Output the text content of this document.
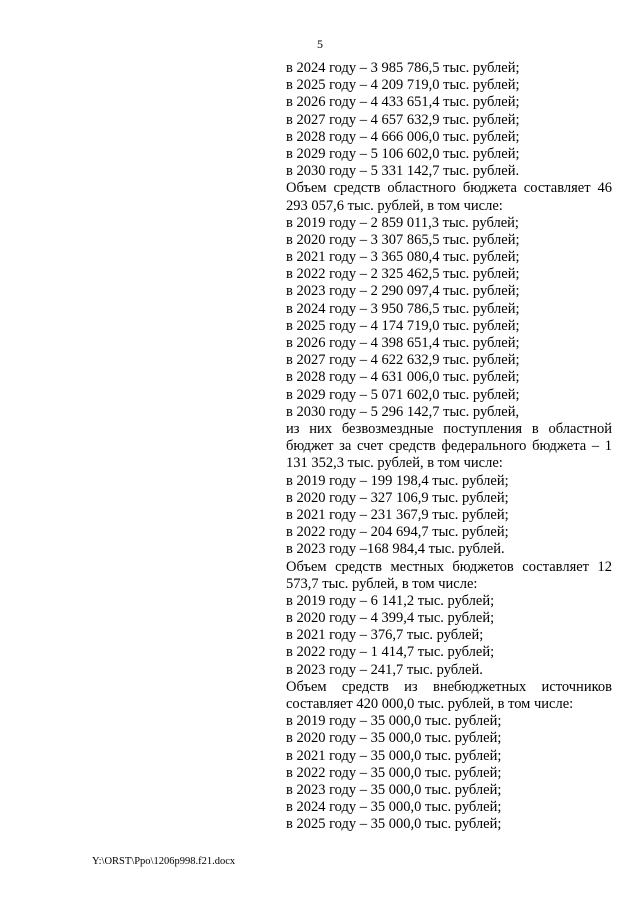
5
в 2024 году – 3 985 786,5 тыс. рублей;
в 2025 году – 4 209 719,0 тыс. рублей;
в 2026 году – 4 433 651,4 тыс. рублей;
в 2027 году – 4 657 632,9 тыс. рублей;
в 2028 году – 4 666 006,0 тыс. рублей;
в 2029 году – 5 106 602,0 тыс. рублей;
в 2030 году – 5 331 142,7 тыс. рублей.
Объем средств областного бюджета составляет 46 293 057,6 тыс. рублей, в том числе:
в 2019 году – 2 859 011,3 тыс. рублей;
в 2020 году – 3 307 865,5 тыс. рублей;
в 2021 году – 3 365 080,4 тыс. рублей;
в 2022 году – 2 325 462,5 тыс. рублей;
в 2023 году – 2 290 097,4 тыс. рублей;
в 2024 году – 3 950 786,5 тыс. рублей;
в 2025 году – 4 174 719,0 тыс. рублей;
в 2026 году – 4 398 651,4 тыс. рублей;
в 2027 году – 4 622 632,9 тыс. рублей;
в 2028 году – 4 631 006,0 тыс. рублей;
в 2029 году – 5 071 602,0 тыс. рублей;
в 2030 году – 5 296 142,7 тыс. рублей,
из них безвозмездные поступления в областной бюджет за счет средств федерального бюджета – 1 131 352,3 тыс. рублей, в том числе:
в 2019 году – 199 198,4 тыс. рублей;
в 2020 году – 327 106,9 тыс. рублей;
в 2021 году – 231 367,9 тыс. рублей;
в 2022 году – 204 694,7 тыс. рублей;
в 2023 году –168 984,4 тыс. рублей.
Объем средств местных бюджетов составляет 12 573,7 тыс. рублей, в том числе:
в 2019 году – 6 141,2 тыс. рублей;
в 2020 году – 4 399,4 тыс. рублей;
в 2021 году – 376,7 тыс. рублей;
в 2022 году – 1 414,7 тыс. рублей;
в 2023 году – 241,7 тыс. рублей.
Объем средств из внебюджетных источников составляет 420 000,0 тыс. рублей, в том числе:
в 2019 году – 35 000,0 тыс. рублей;
в 2020 году – 35 000,0 тыс. рублей;
в 2021 году – 35 000,0 тыс. рублей;
в 2022 году – 35 000,0 тыс. рублей;
в 2023 году – 35 000,0 тыс. рублей;
в 2024 году – 35 000,0 тыс. рублей;
в 2025 году – 35 000,0 тыс. рублей;
Y:\ORST\Ppo\1206p998.f21.docx
